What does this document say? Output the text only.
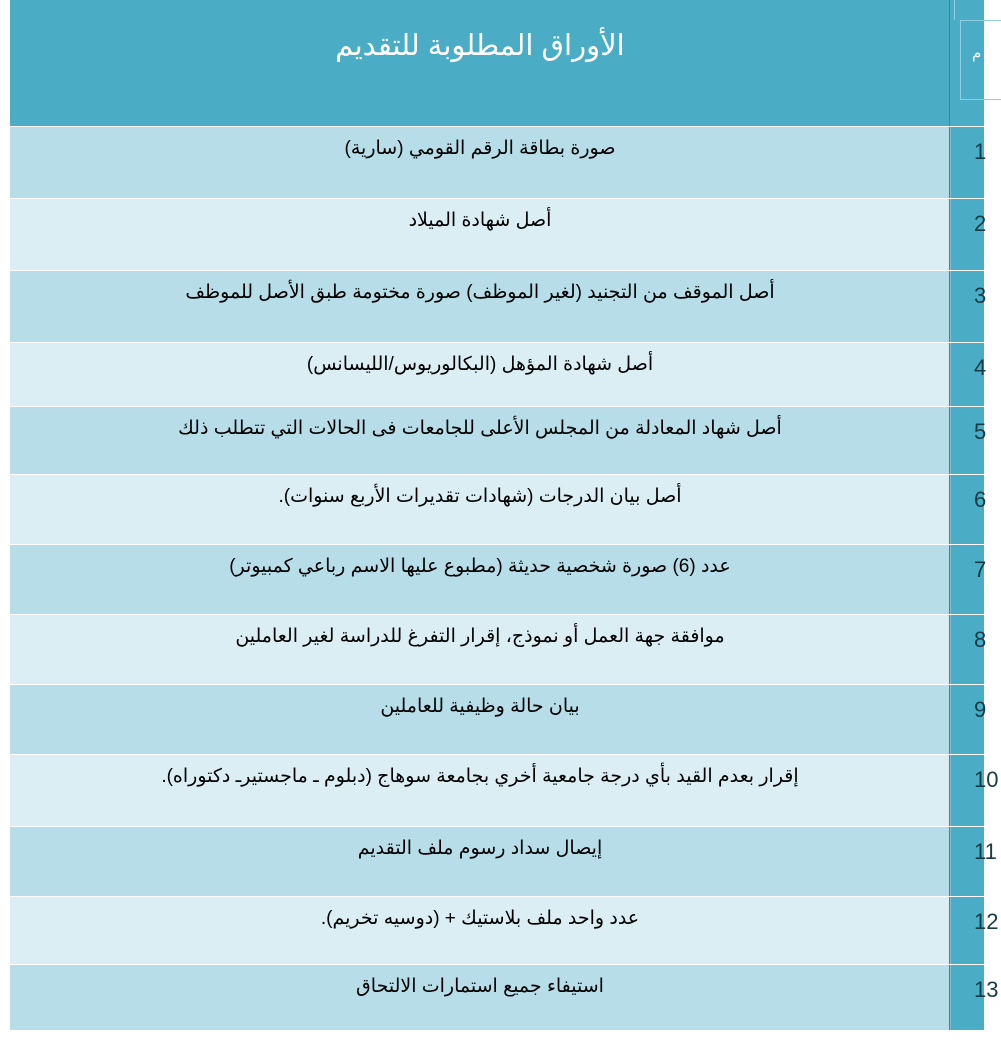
الأوراق المطلوبة للتقديم	م
صورة بطاقة الرقم القومي (سارية)	1
أصل شهادة الميلاد	2
أصل الموقف من التجنيد (لغير الموظف) صورة مختومة طبق الأصل للموظف	3
أصل شهادة المؤهل (البكالوريوس/الليسانس)	4
أصل شهاد المعادلة من المجلس الأعلى للجامعات فى الحالات التي تتطلب ذلك	5
أصل بيان الدرجات (شهادات تقديرات الأربع سنوات).	6
عدد (6) صورة شخصية حديثة (مطبوع عليها الاسم رباعي كمبيوتر)	7
موافقة جهة العمل أو نموذج، إقرار التفرغ للدراسة لغير العاملين	8
بيان حالة وظيفية للعاملين	9
إقرار بعدم القيد بأي درجة جامعية أخري بجامعة سوهاج (دبلوم ـ ماجستيرـ دكتوراه).	10
إيصال سداد رسوم ملف التقديم	11
عدد واحد ملف بلاستيك + (دوسيه تخريم).	12
استيفاء جميع استمارات الالتحاق	13
